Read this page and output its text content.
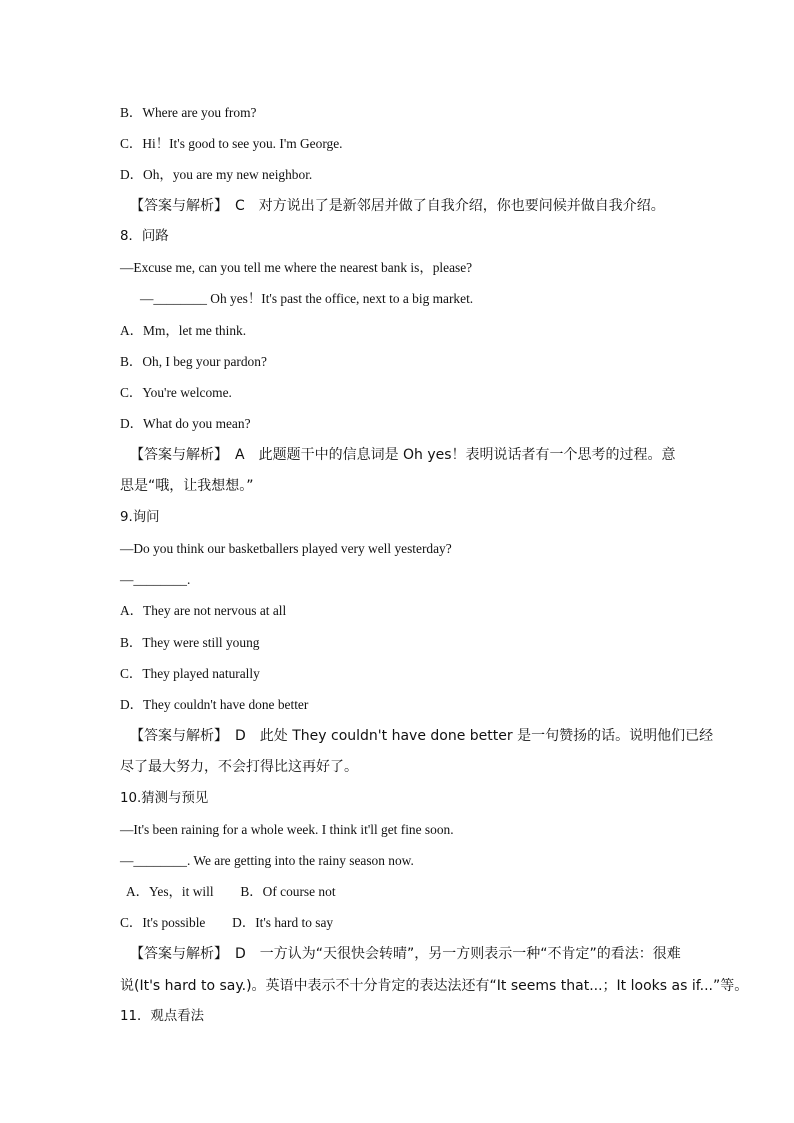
B．Where are you from?
C．Hi！It's good to see you. I'm George.
D．Oh，you are my new neighbor.
【答案与解析】　C　对方说出了是新邻居并做了自我介绍，你也要问候并做自我介绍。
8．问路
—Excuse me, can you tell me where the nearest bank is，please?
—________ Oh yes！It's past the office, next to a big market.
A．Mm，let me think.
B．Oh, I beg your pardon?
C．You're welcome.
D．What do you mean?
【答案与解析】　A　此题题干中的信息词是 Oh yes！表明说话者有一个思考的过程。意
思是“哦，让我想想。”
9.询问
—Do you think our basketballers played very well yesterday?
—________.
A．They are not nervous at all
B．They were still young
C．They played naturally
D．They couldn't have done better
【答案与解析】　D　此处 They couldn't have done better 是一句赞扬的话。说明他们已经
尽了最大努力，不会打得比这再好了。
10.猜测与预见
—It's been raining for a whole week. I think it'll get fine soon.
—________. We are getting into the rainy season now.
A．Yes，it will　　B．Of course not
C．It's possible　　D．It's hard to say
【答案与解析】　D　一方认为“天很快会转晴”，另一方则表示一种“不肯定”的看法：很难
说(It's hard to say.)。英语中表示不十分肯定的表达法还有“It seems that...；It looks as if...”等。
11．观点看法
